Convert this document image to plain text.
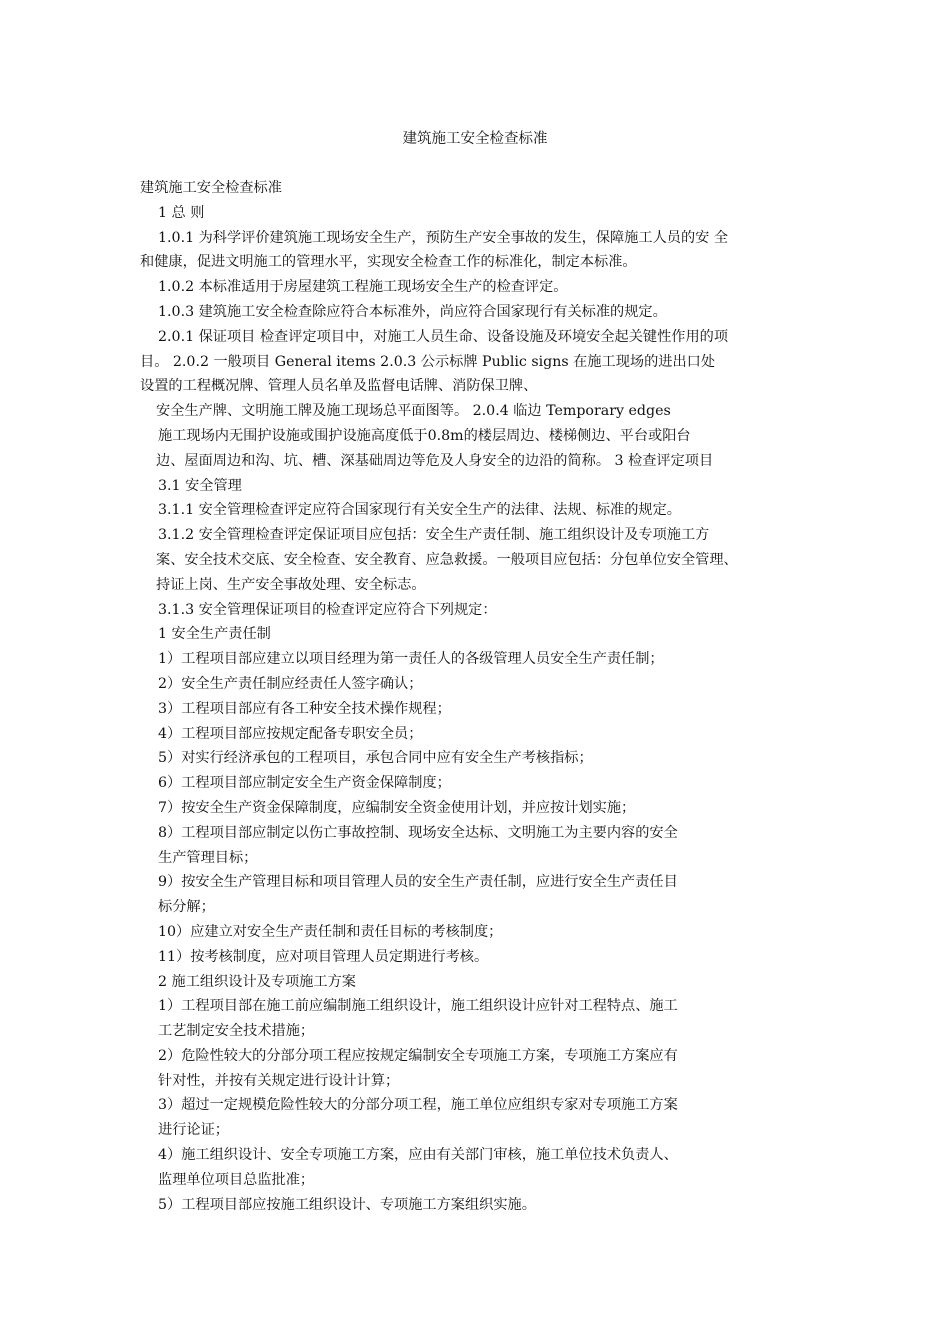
建筑施工安全检查标准
建筑施工安全检查标准
1 总 则
1.0.1 为科学评价建筑施工现场安全生产，预防生产安全事故的发生，保障施工人员的安 全
和健康，促进文明施工的管理水平，实现安全检查工作的标准化，制定本标准。
1.0.2 本标准适用于房屋建筑工程施工现场安全生产的检查评定。
1.0.3 建筑施工安全检查除应符合本标准外，尚应符合国家现行有关标准的规定。
2.0.1 保证项目 检查评定项目中，对施工人员生命、设备设施及环境安全起关键性作用的项
目。 2.0.2 一般项目 General items 2.0.3 公示标牌 Public signs 在施工现场的进出口处
设置的工程概况牌、管理人员名单及监督电话牌、消防保卫牌、
安全生产牌、文明施工牌及施工现场总平面图等。 2.0.4 临边 Temporary edges
施工现场内无围护设施或围护设施高度低于0.8m的楼层周边、楼梯侧边、平台或阳台
边、屋面周边和沟、坑、槽、深基础周边等危及人身安全的边沿的简称。 3 检查评定项目
3.1 安全管理
3.1.1 安全管理检查评定应符合国家现行有关安全生产的法律、法规、标准的规定。
3.1.2 安全管理检查评定保证项目应包括：安全生产责任制、施工组织设计及专项施工方
案、安全技术交底、安全检查、安全教育、应急救援。一般项目应包括：分包单位安全管理、
持证上岗、生产安全事故处理、安全标志。
3.1.3 安全管理保证项目的检查评定应符合下列规定：
1 安全生产责任制
1）工程项目部应建立以项目经理为第一责任人的各级管理人员安全生产责任制；
2）安全生产责任制应经责任人签字确认；
3）工程项目部应有各工种安全技术操作规程；
4）工程项目部应按规定配备专职安全员；
5）对实行经济承包的工程项目，承包合同中应有安全生产考核指标；
6）工程项目部应制定安全生产资金保障制度；
7）按安全生产资金保障制度，应编制安全资金使用计划，并应按计划实施；
8）工程项目部应制定以伤亡事故控制、现场安全达标、文明施工为主要内容的安全
生产管理目标；
9）按安全生产管理目标和项目管理人员的安全生产责任制，应进行安全生产责任目
标分解；
10）应建立对安全生产责任制和责任目标的考核制度；
11）按考核制度，应对项目管理人员定期进行考核。
2 施工组织设计及专项施工方案
1）工程项目部在施工前应编制施工组织设计，施工组织设计应针对工程特点、施工
工艺制定安全技术措施；
2）危险性较大的分部分项工程应按规定编制安全专项施工方案，专项施工方案应有
针对性，并按有关规定进行设计计算；
3）超过一定规模危险性较大的分部分项工程，施工单位应组织专家对专项施工方案
进行论证；
4）施工组织设计、安全专项施工方案，应由有关部门审核，施工单位技术负责人、
监理单位项目总监批准；
5）工程项目部应按施工组织设计、专项施工方案组织实施。
